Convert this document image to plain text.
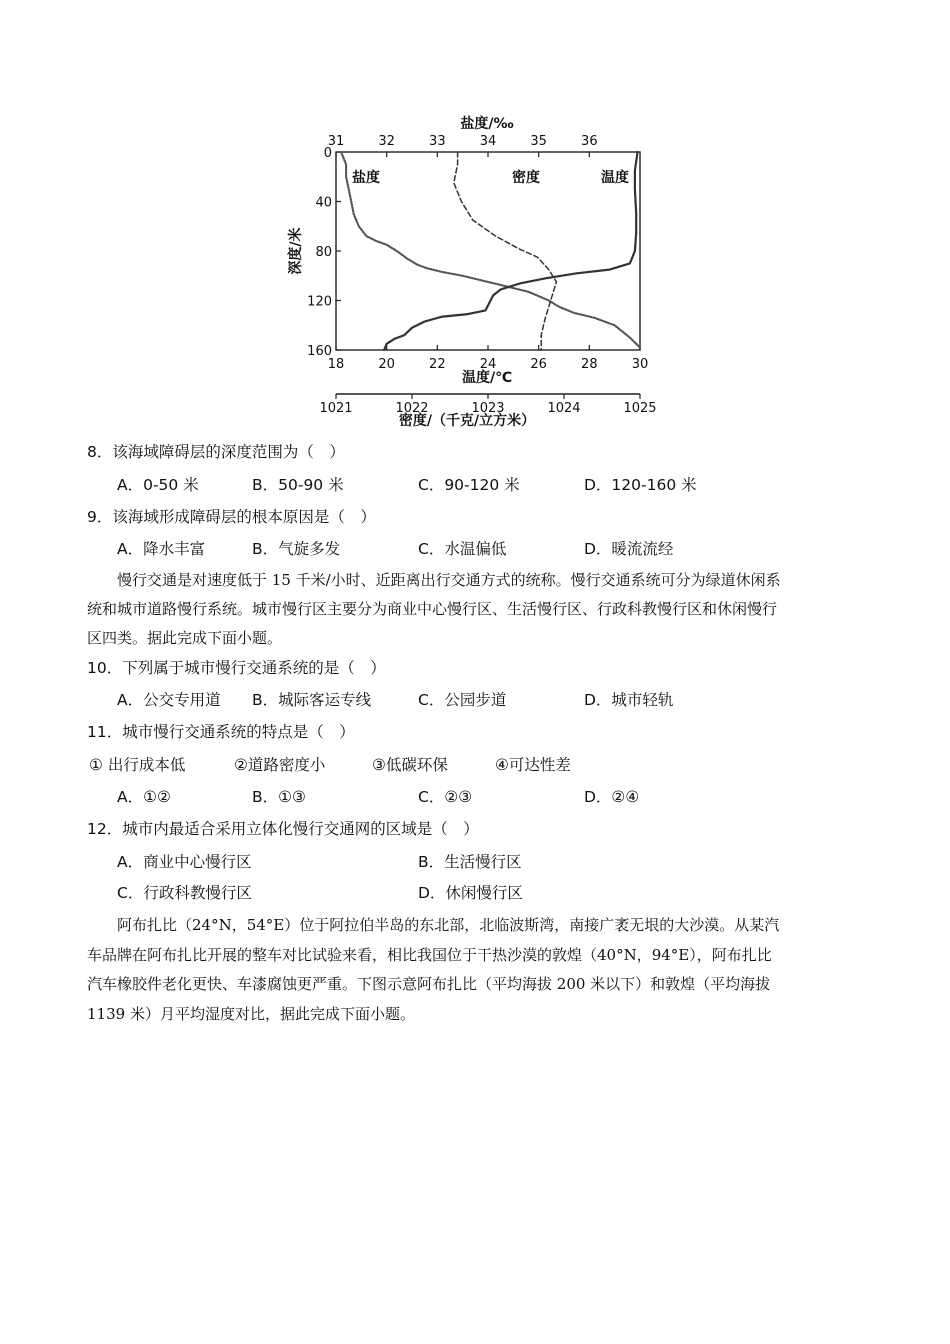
盐度/‰
深度/米
温度/℃
密度/（千克/立方米）
盐度	密度	温度
0
40
80
120
160
31	32	33	34	35	36
18	20	22	24	26	28	30
1021	1022	1023	1024	1025
8．该海域障碍层的深度范围为（　）
A．0-50 米	B．50-90 米	C．90-120 米	D．120-160 米
9．该海域形成障碍层的根本原因是（　）
A．降水丰富	B．气旋多发	C．水温偏低	D．暖流流经
慢行交通是对速度低于 15 千米/小时、近距离出行交通方式的统称。慢行交通系统可分为绿道休闲系
统和城市道路慢行系统。城市慢行区主要分为商业中心慢行区、生活慢行区、行政科教慢行区和休闲慢行
区四类。据此完成下面小题。
10．下列属于城市慢行交通系统的是（　）
A．公交专用道 B．城际客运专线	C．公园步道	D．城市轻轨
11．城市慢行交通系统的特点是（　）
① 出行成本低	②道路密度小	③低碳环保	④可达性差
A．①②	B．①③	C．②③	D．②④
12．城市内最适合采用立体化慢行交通网的区域是（　）
A．商业中心慢行区	B．生活慢行区
C．行政科教慢行区	D．休闲慢行区
阿布扎比（24°N，54°E）位于阿拉伯半岛的东北部，北临波斯湾，南接广袤无垠的大沙漠。从某汽
车品牌在阿布扎比开展的整车对比试验来看，相比我国位于干热沙漠的敦煌（40°N，94°E），阿布扎比
汽车橡胶件老化更快、车漆腐蚀更严重。下图示意阿布扎比（平均海拔 200 米以下）和敦煌（平均海拔
1139 米）月平均湿度对比，据此完成下面小题。
